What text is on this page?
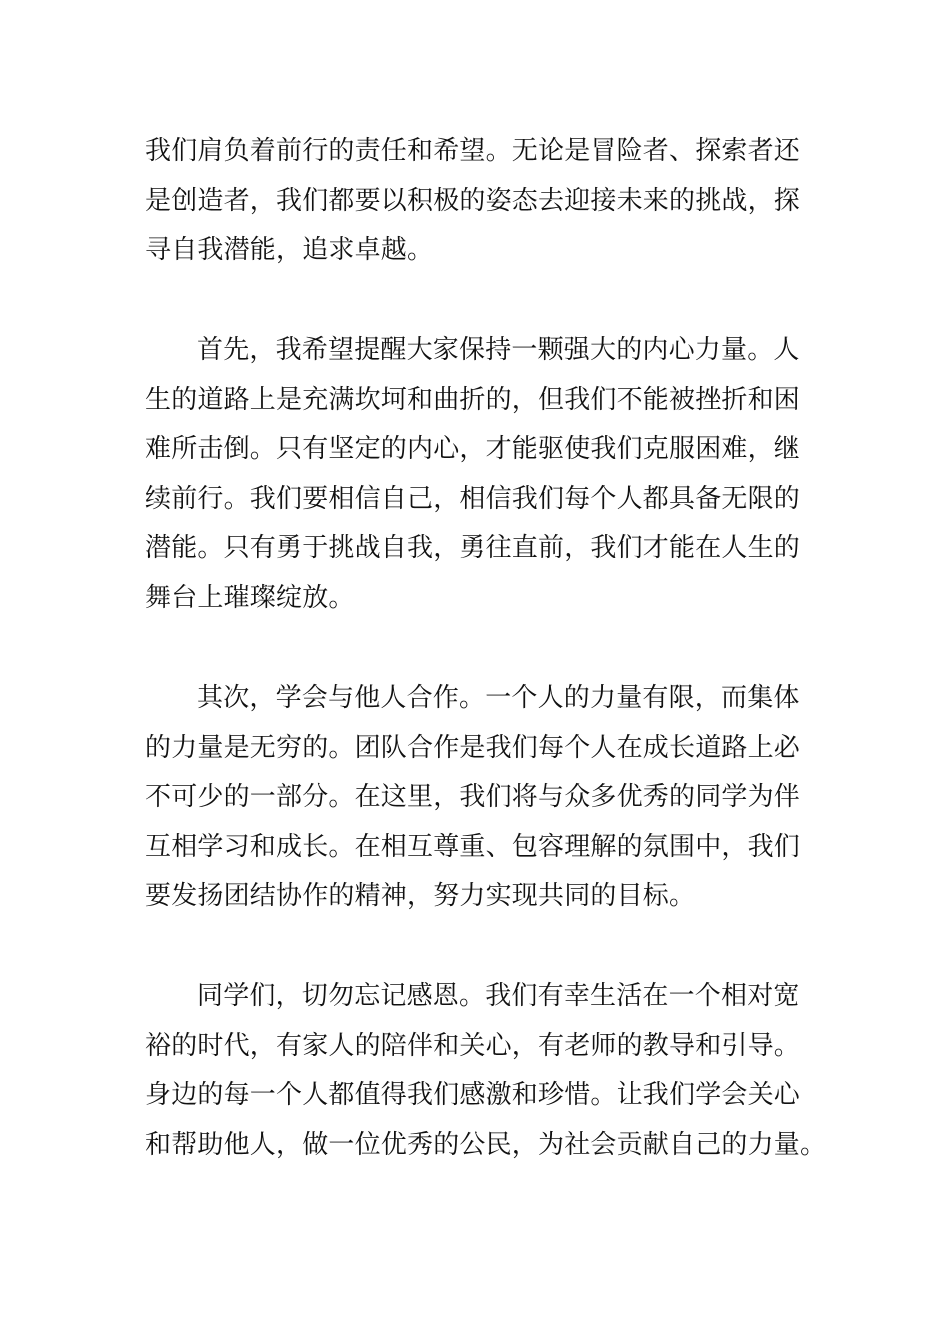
我们肩负着前行的责任和希望。无论是冒险者、探索者还
是创造者，我们都要以积极的姿态去迎接未来的挑战，探
寻自我潜能，追求卓越。
首先，我希望提醒大家保持一颗强大的内心力量。人
生的道路上是充满坎坷和曲折的，但我们不能被挫折和困
难所击倒。只有坚定的内心，才能驱使我们克服困难，继
续前行。我们要相信自己，相信我们每个人都具备无限的
潜能。只有勇于挑战自我，勇往直前，我们才能在人生的
舞台上璀璨绽放。
其次，学会与他人合作。一个人的力量有限，而集体
的力量是无穷的。团队合作是我们每个人在成长道路上必
不可少的一部分。在这里，我们将与众多优秀的同学为伴
互相学习和成长。在相互尊重、包容理解的氛围中，我们
要发扬团结协作的精神，努力实现共同的目标。
同学们，切勿忘记感恩。我们有幸生活在一个相对宽
裕的时代，有家人的陪伴和关心，有老师的教导和引导。
身边的每一个人都值得我们感激和珍惜。让我们学会关心
和帮助他人，做一位优秀的公民，为社会贡献自己的力量。
